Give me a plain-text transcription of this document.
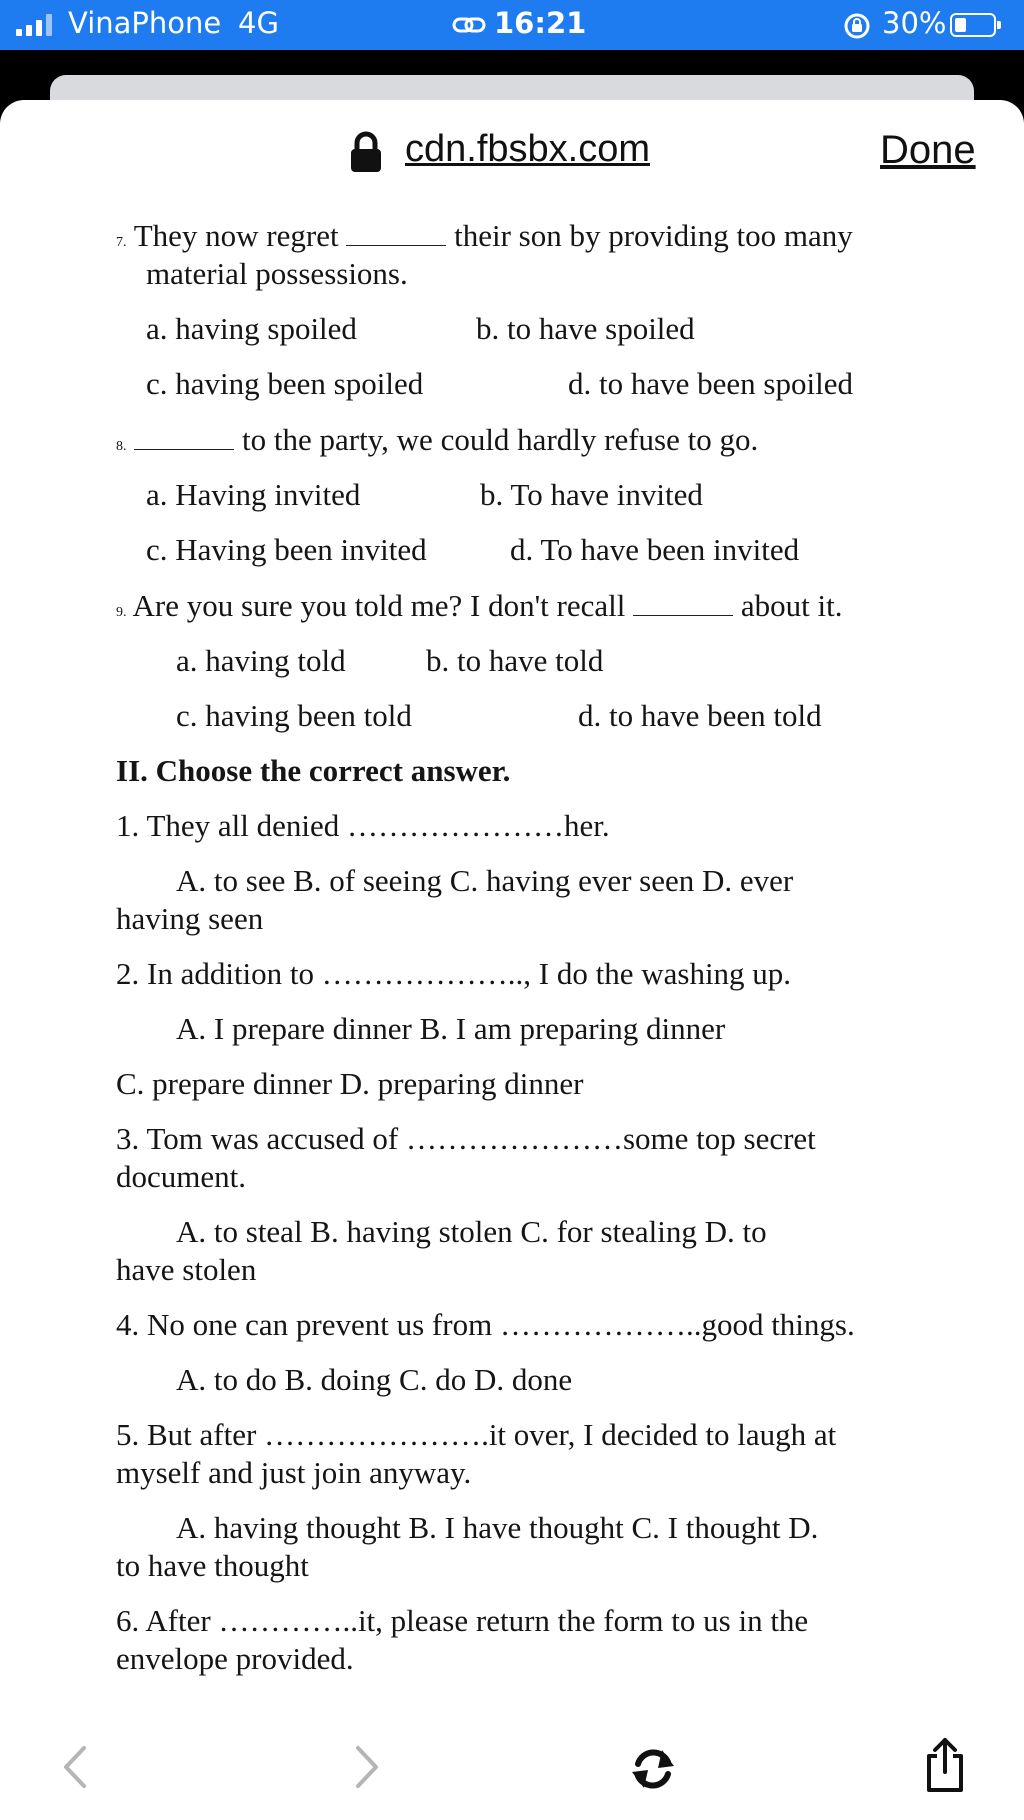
VinaPhone 4G	16:21	30%
cdn.fbsbx.com	Done
7. They now regret	their son by providing too many
material possessions.
a. having spoiled	b. to have spoiled
c. having been spoiled	d. to have been spoiled
8.	to the party, we could hardly refuse to go.
a. Having invited	b. To have invited
c. Having been invited	d. To have been invited
9. Are you sure you told me? I don't recall	about it.
a. having told	b. to have told
c. having been told	d. to have been told
II. Choose the correct answer.
1. They all denied …………………her.
A. to see B. of seeing C. having ever seen D. ever
having seen
2. In addition to ……………….., I do the washing up.
A. I prepare dinner B. I am preparing dinner
C. prepare dinner D. preparing dinner
3. Tom was accused of …………………some top secret
document.
A. to steal B. having stolen C. for stealing D. to
have stolen
4. No one can prevent us from ………………..good things.
A. to do B. doing C. do D. done
5. But after ………………….it over, I decided to laugh at
myself and just join anyway.
A. having thought B. I have thought C. I thought D.
to have thought
6. After …………..it, please return the form to us in the
envelope provided.
